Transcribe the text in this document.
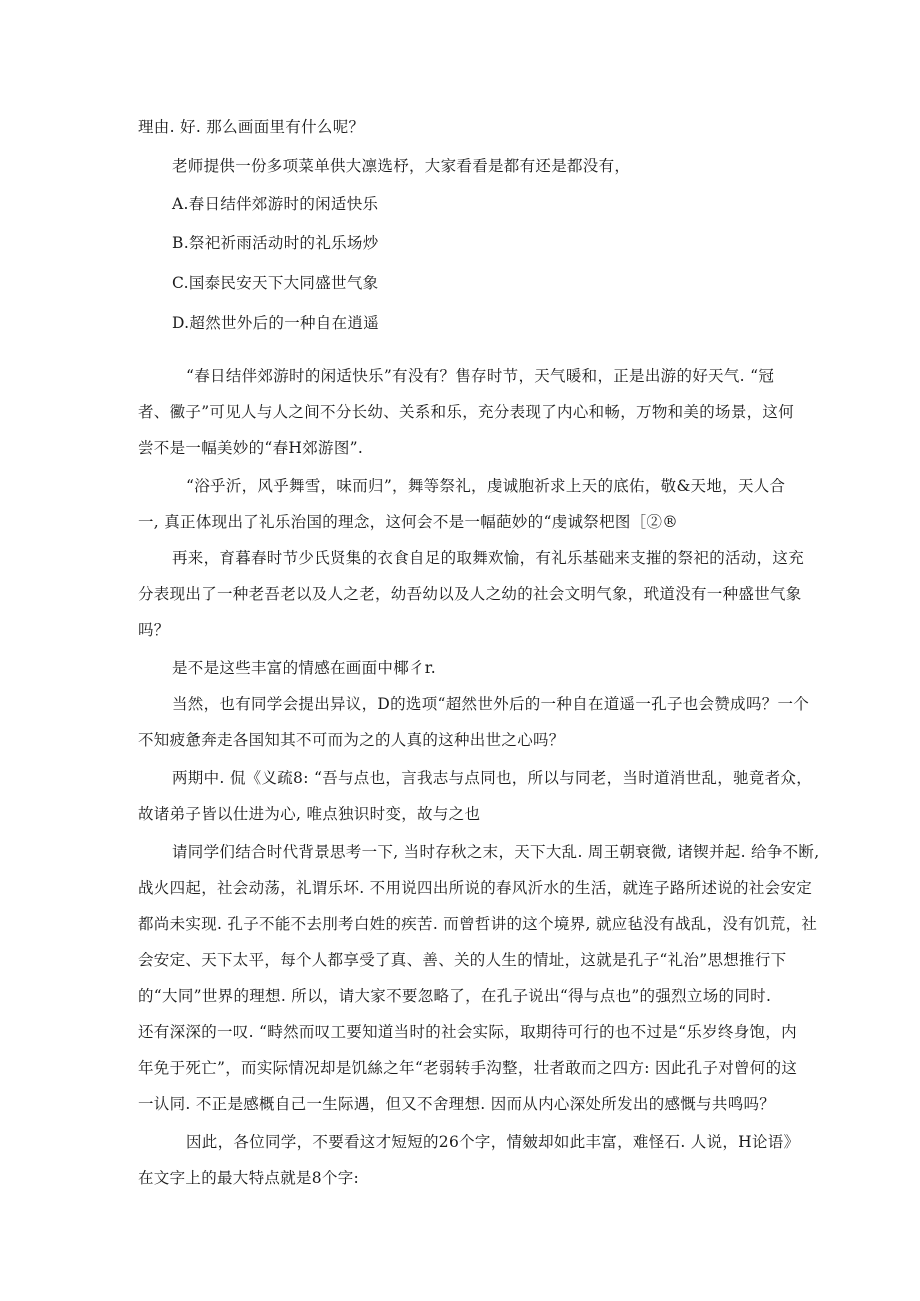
理由. 好. 那么画面里有什么呢？

老师提供一份多项菜单供大凛选杼，大家看看是都有还是都没有，

A.春日结伴郊游时的闲适快乐

B.祭祀祈雨活动时的礼乐场炒

C.国泰民安天下大同盛世气象

D.超然世外后的一种自在逍遥

“春日结伴郊游时的闲适快乐”有没有？售存时节，天气暖和，正是出游的好天气. “冠

者、鰴子”可见人与人之间不分长幼、关系和乐，充分表现了内心和畅，万物和美的场景，这何

尝不是一幅美妙的“春H郊游图”.

“浴乎沂，风乎舞雪，味而归”，舞等祭礼，虔诚胞祈求上天的底佑，敬&天地，天人合

一, 真正体现出了礼乐治国的理念，这何会不是一幅葩妙的“虔诚祭杷图［②®

再来，育暮春时节少氏贤集的衣食自足的取舞欢愉，有礼乐基础来支摧的祭祀的活动，这充

分表现出了一种老吾老以及人之老，幼吾幼以及人之幼的社会文明气象，玳道没有一种盛世气象

吗？

是不是这些丰富的情感在画面中椰彳r.

当然，也有同学会提出异议，D的选项“超然世外后的一种自在道遥一孔子也会赞成吗？一个

不知疲惫奔走各国知其不可而为之的人真的这种出世之心吗？

两期中. 侃《义疏8: “吾与点也，言我志与点同也，所以与同老，当时道消世乱，驰竟者众，

故诸弟子皆以仕进为心, 唯点独识时变，故与之也

请同学们结合时代背景思考一下, 当时存秋之末，天下大乱. 周王朝衰微, 诸锲并起. 给争不断,

战火四起，社会动荡，礼谓乐坏. 不用说四出所说的春风沂水的生活，就连子路所述说的社会安定

都尚未实现. 孔子不能不去刖考白姓的疾苦. 而曾哲讲的这个境界, 就应毡没有战乱，没有饥荒，社

会安定、天下太平，每个人都享受了真、善、关的人生的情址，这就是孔子“礼治”思想推行下

的“大同”世界的理想. 所以，请大家不要忽略了，在孔子说出“得与点也”的强烈立场的同时.

还有深深的一叹. “畤然而叹工要知道当时的社会实际，取期待可行的也不过是“乐岁终身饱，内

年免于死亡”，而实际情况却是饥絲之年“老弱转手沟整，壮者敢而之四方: 因此孔子对曾何的这

一认同. 不正是感概自己一生际遇，但又不舍理想. 因而从内心深处所发出的感慨与共鸣吗？

因此，各位同学，不要看这才短短的26个字，情皴却如此丰富，难怪石. 人说，H论语》

在文字上的最大特点就是8个字:
